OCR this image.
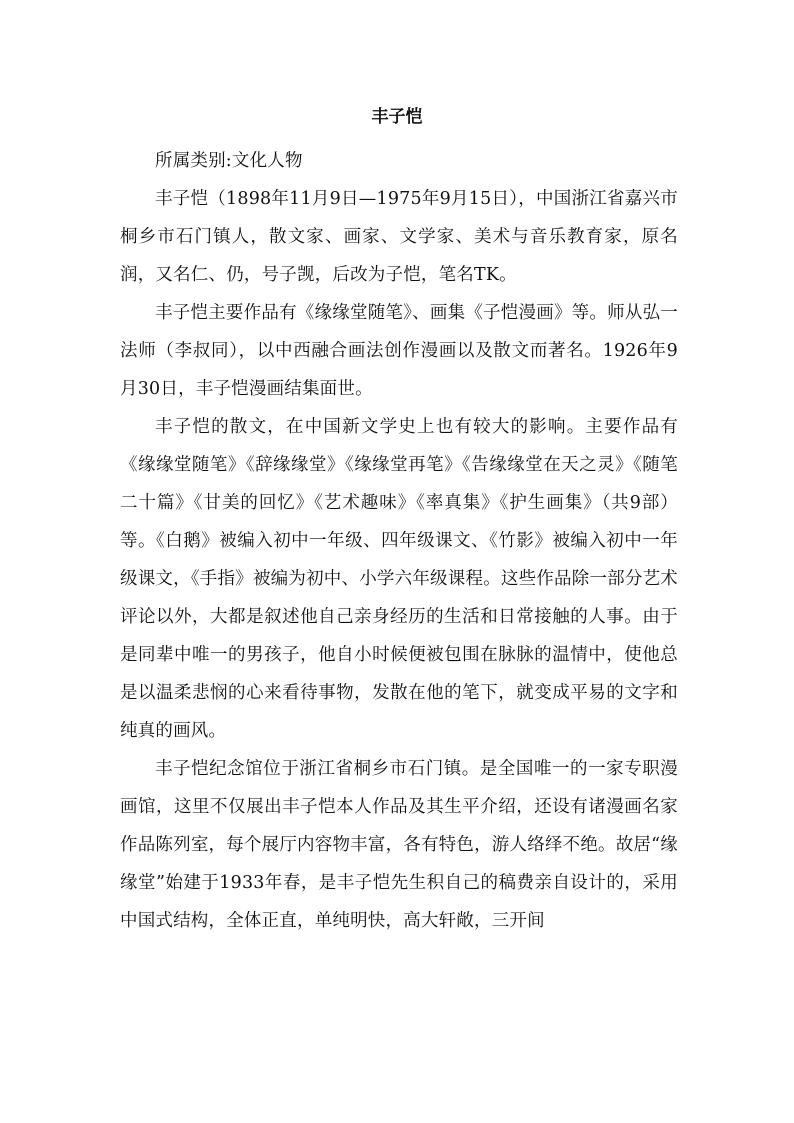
丰子恺

所属类别:文化人物

丰子恺（1898年11月9日—1975年9月15日），中国浙江省嘉兴市桐乡市石门镇人，散文家、画家、文学家、美术与音乐教育家，原名润，又名仁、仍，号子觊，后改为子恺，笔名TK。

丰子恺主要作品有《缘缘堂随笔》、画集《子恺漫画》等。师从弘一法师（李叔同），以中西融合画法创作漫画以及散文而著名。1926年9月30日，丰子恺漫画结集面世。

丰子恺的散文，在中国新文学史上也有较大的影响。主要作品有《缘缘堂随笔》《辞缘缘堂》《缘缘堂再笔》《告缘缘堂在天之灵》《随笔二十篇》《甘美的回忆》《艺术趣味》《率真集》《护生画集》（共9部）等。《白鹅》被编入初中一年级、四年级课文、《竹影》被编入初中一年级课文，《手指》被编为初中、小学六年级课程。这些作品除一部分艺术评论以外，大都是叙述他自己亲身经历的生活和日常接触的人事。由于是同辈中唯一的男孩子，他自小时候便被包围在脉脉的温情中，使他总是以温柔悲悯的心来看待事物，发散在他的笔下，就变成平易的文字和纯真的画风。

丰子恺纪念馆位于浙江省桐乡市石门镇。是全国唯一的一家专职漫画馆，这里不仅展出丰子恺本人作品及其生平介绍，还设有诸漫画名家作品陈列室，每个展厅内容物丰富，各有特色，游人络绎不绝。故居“缘缘堂”始建于1933年春，是丰子恺先生积自己的稿费亲自设计的，采用中国式结构，全体正直，单纯明快，高大轩敞，三开间
